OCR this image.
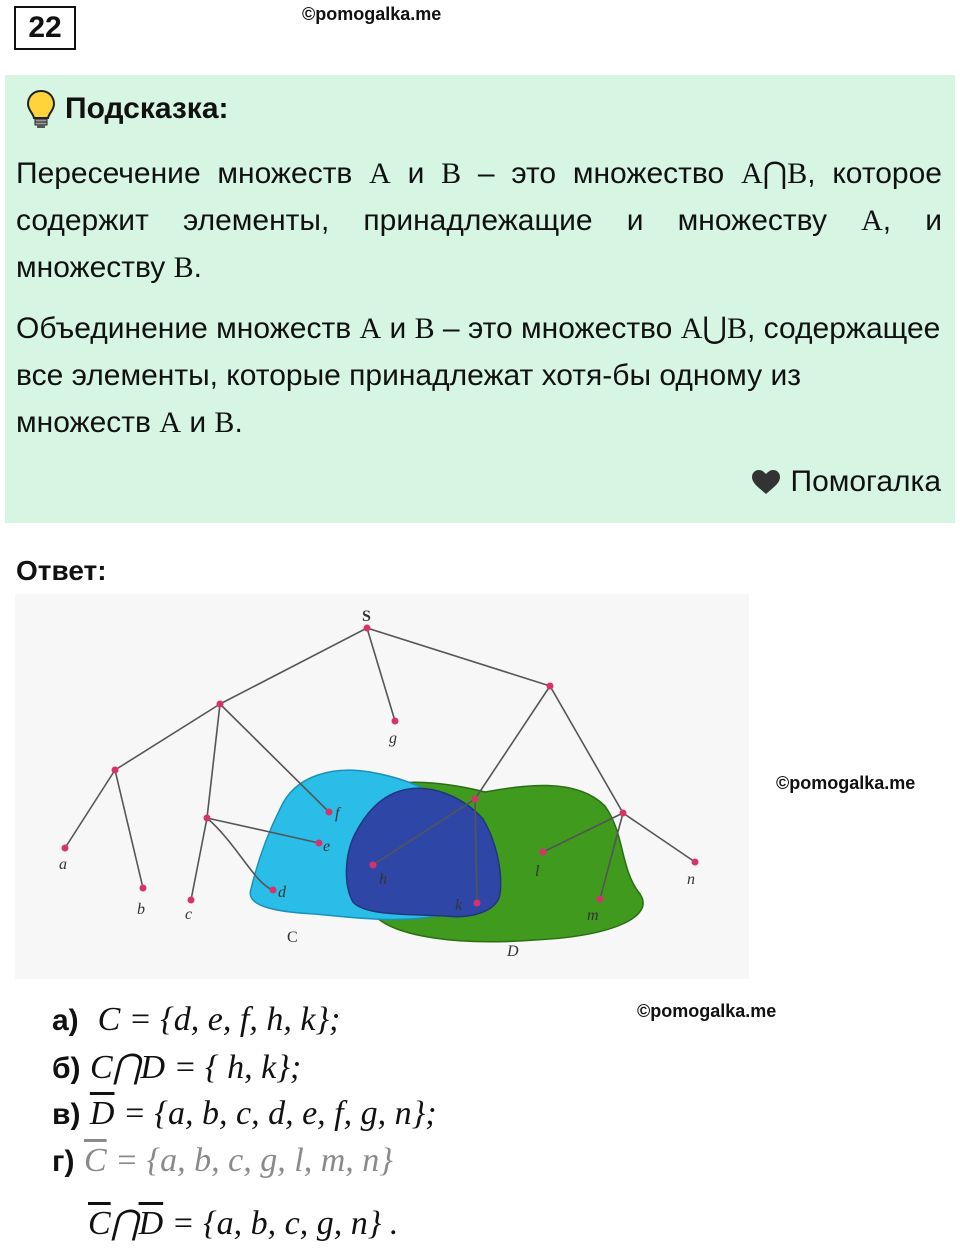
22	©pomogalka.me
Подсказка:
Пересечение множеств A и B – это множество A⋂B, которое содержит элементы, принадлежащие и множеству A, и множеству B.
Объединение множеств A и B – это множество A⋃B, содержащее все элементы, которые принадлежат хотя-бы одному из множеств A и B.
Помогалка
Ответ:
S
g
a
b	c
f
e
d
h
k
l
m
n
C
D
©pomogalka.me
©pomogalka.me
а) C = {d, e, f, h, k};
б) C⋂D = { h, k};
в) $\overline{D} = \{a$, b, c, d, e, f, g, n};
г) $\overline{C} = \{a$, b, c, g, l, m, n}
$\overline{C}⋂\overline{D} = \{a$, b, c, g, n} .
